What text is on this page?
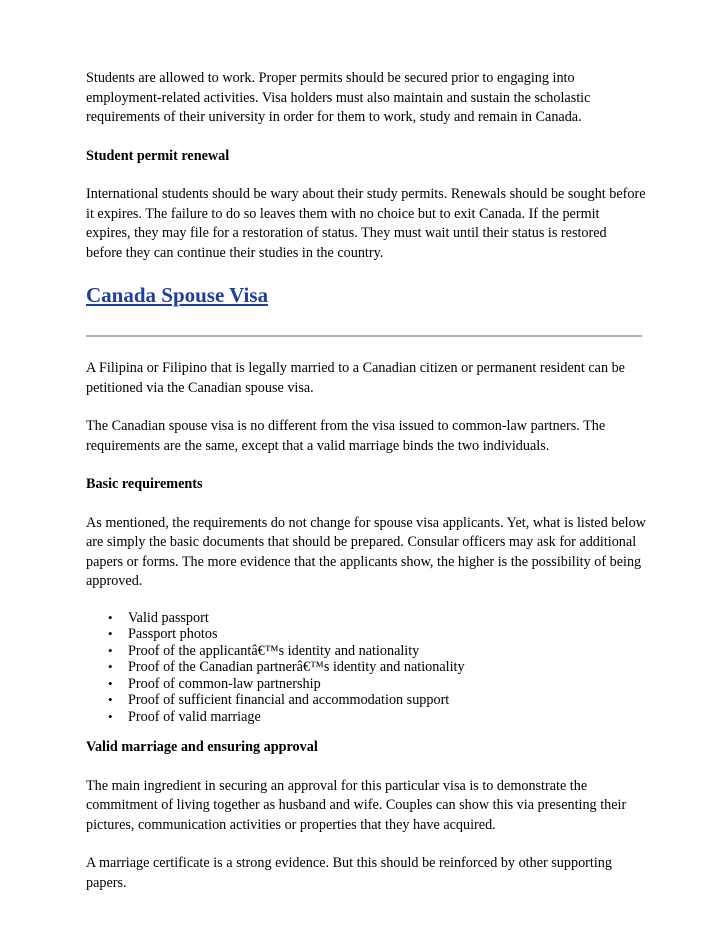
Students are allowed to work. Proper permits should be secured prior to engaging into employment-related activities. Visa holders must also maintain and sustain the scholastic requirements of their university in order for them to work, study and remain in Canada.

Student permit renewal

International students should be wary about their study permits. Renewals should be sought before it expires. The failure to do so leaves them with no choice but to exit Canada. If the permit expires, they may file for a restoration of status. They must wait until their status is restored before they can continue their studies in the country.

Canada Spouse Visa

A Filipina or Filipino that is legally married to a Canadian citizen or permanent resident can be petitioned via the Canadian spouse visa.

The Canadian spouse visa is no different from the visa issued to common-law partners. The requirements are the same, except that a valid marriage binds the two individuals.

Basic requirements

As mentioned, the requirements do not change for spouse visa applicants. Yet, what is listed below are simply the basic documents that should be prepared. Consular officers may ask for additional papers or forms. The more evidence that the applicants show, the higher is the possibility of being approved.

• Valid passport
• Passport photos
• Proof of the applicantâ€™s identity and nationality
• Proof of the Canadian partnerâ€™s identity and nationality
• Proof of common-law partnership
• Proof of sufficient financial and accommodation support
• Proof of valid marriage

Valid marriage and ensuring approval

The main ingredient in securing an approval for this particular visa is to demonstrate the commitment of living together as husband and wife. Couples can show this via presenting their pictures, communication activities or properties that they have acquired.

A marriage certificate is a strong evidence. But this should be reinforced by other supporting papers.
